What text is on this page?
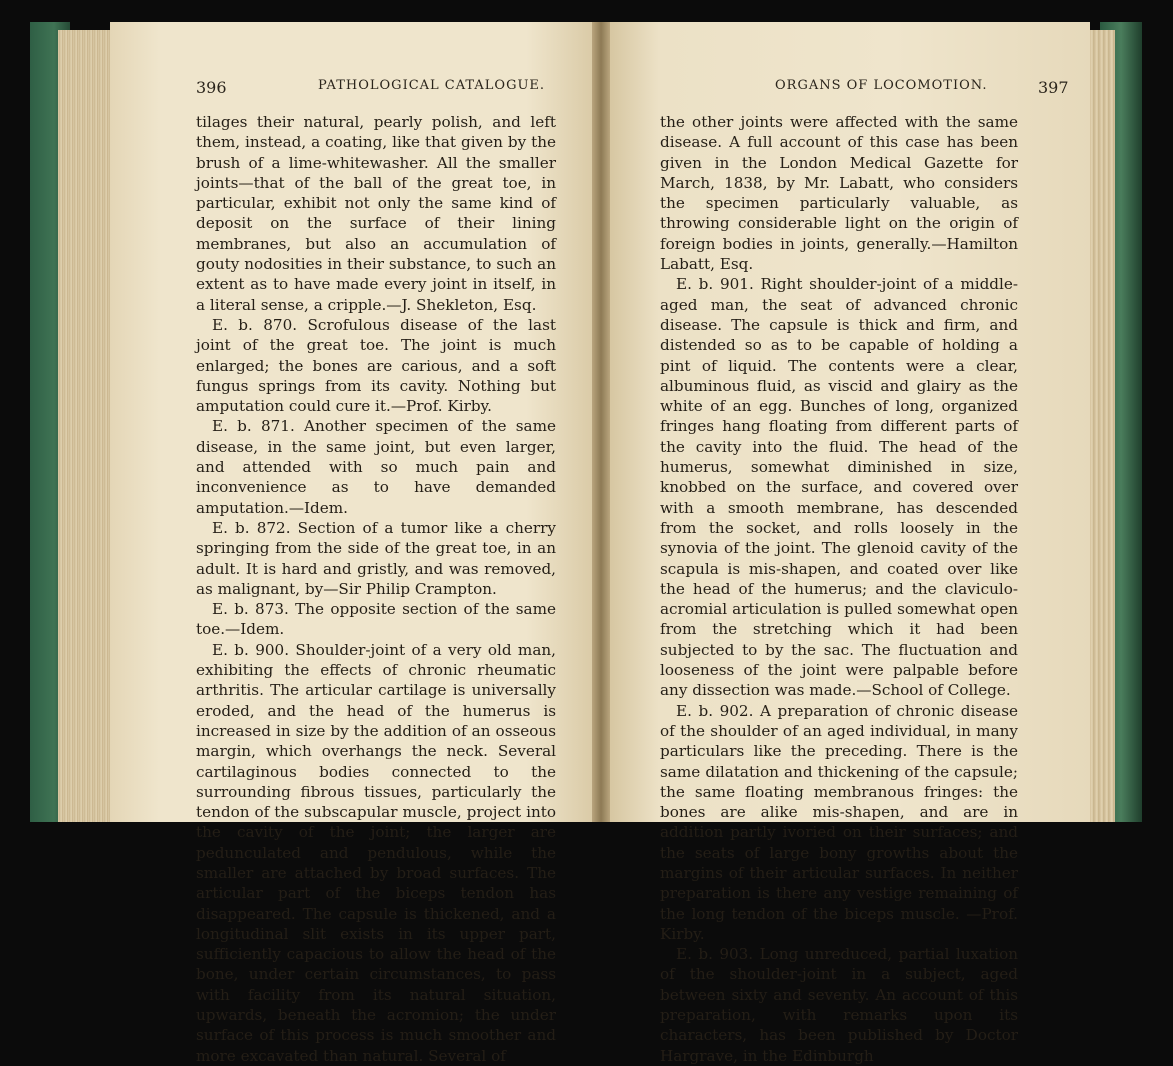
396	PATHOLOGICAL CATALOGUE.	ORGANS OF LOCOMOTION.	397

tilages their natural, pearly polish, and left them, instead, a coating, like that given by the brush of a lime-whitewasher. All the smaller joints—that of the ball of the great toe, in particular, exhibit not only the same kind of deposit on the surface of their lining membranes, but also an accumulation of gouty nodosities in their substance, to such an extent as to have made every joint in itself, in a literal sense, a cripple.—J. Shekleton, Esq.

E. b. 870. Scrofulous disease of the last joint of the great toe. The joint is much enlarged; the bones are carious, and a soft fungus springs from its cavity. Nothing but amputation could cure it.—Prof. Kirby.

E. b. 871. Another specimen of the same disease, in the same joint, but even larger, and attended with so much pain and inconvenience as to have demanded amputation.—Idem.

E. b. 872. Section of a tumor like a cherry springing from the side of the great toe, in an adult. It is hard and gristly, and was removed, as malignant, by—Sir Philip Crampton.

E. b. 873. The opposite section of the same toe.—Idem.

E. b. 900. Shoulder-joint of a very old man, exhibiting the effects of chronic rheumatic arthritis. The articular cartilage is universally eroded, and the head of the humerus is increased in size by the addition of an osseous margin, which overhangs the neck. Several cartilaginous bodies connected to the surrounding fibrous tissues, particularly the tendon of the subscapular muscle, project into the cavity of the joint; the larger are pedunculated and pendulous, while the smaller are attached by broad surfaces. The articular part of the biceps tendon has disappeared. The capsule is thickened, and a longitudinal slit exists in its upper part, sufficiently capacious to allow the head of the bone, under certain circumstances, to pass with facility from its natural situation, upwards, beneath the acromion; the under surface of this process is much smoother and more excavated than natural. Several of

the other joints were affected with the same disease. A full account of this case has been given in the London Medical Gazette for March, 1838, by Mr. Labatt, who considers the specimen particularly valuable, as throwing considerable light on the origin of foreign bodies in joints, generally.—Hamilton Labatt, Esq.

E. b. 901. Right shoulder-joint of a middle-aged man, the seat of advanced chronic disease. The capsule is thick and firm, and distended so as to be capable of holding a pint of liquid. The contents were a clear, albuminous fluid, as viscid and glairy as the white of an egg. Bunches of long, organized fringes hang floating from different parts of the cavity into the fluid. The head of the humerus, somewhat diminished in size, knobbed on the surface, and covered over with a smooth membrane, has descended from the socket, and rolls loosely in the synovia of the joint. The glenoid cavity of the scapula is mis-shapen, and coated over like the head of the humerus; and the claviculo-acromial articulation is pulled somewhat open from the stretching which it had been subjected to by the sac. The fluctuation and looseness of the joint were palpable before any dissection was made.—School of College.

E. b. 902. A preparation of chronic disease of the shoulder of an aged individual, in many particulars like the preceding. There is the same dilatation and thickening of the capsule; the same floating membranous fringes: the bones are alike mis-shapen, and are in addition partly ivoried on their surfaces; and the seats of large bony growths about the margins of their articular surfaces. In neither preparation is there any vestige remaining of the long tendon of the biceps muscle. —Prof. Kirby.

E. b. 903. Long unreduced, partial luxation of the shoulder-joint in a subject, aged between sixty and seventy. An account of this preparation, with remarks upon its characters, has been published by Doctor Hargrave, in the Edinburgh
